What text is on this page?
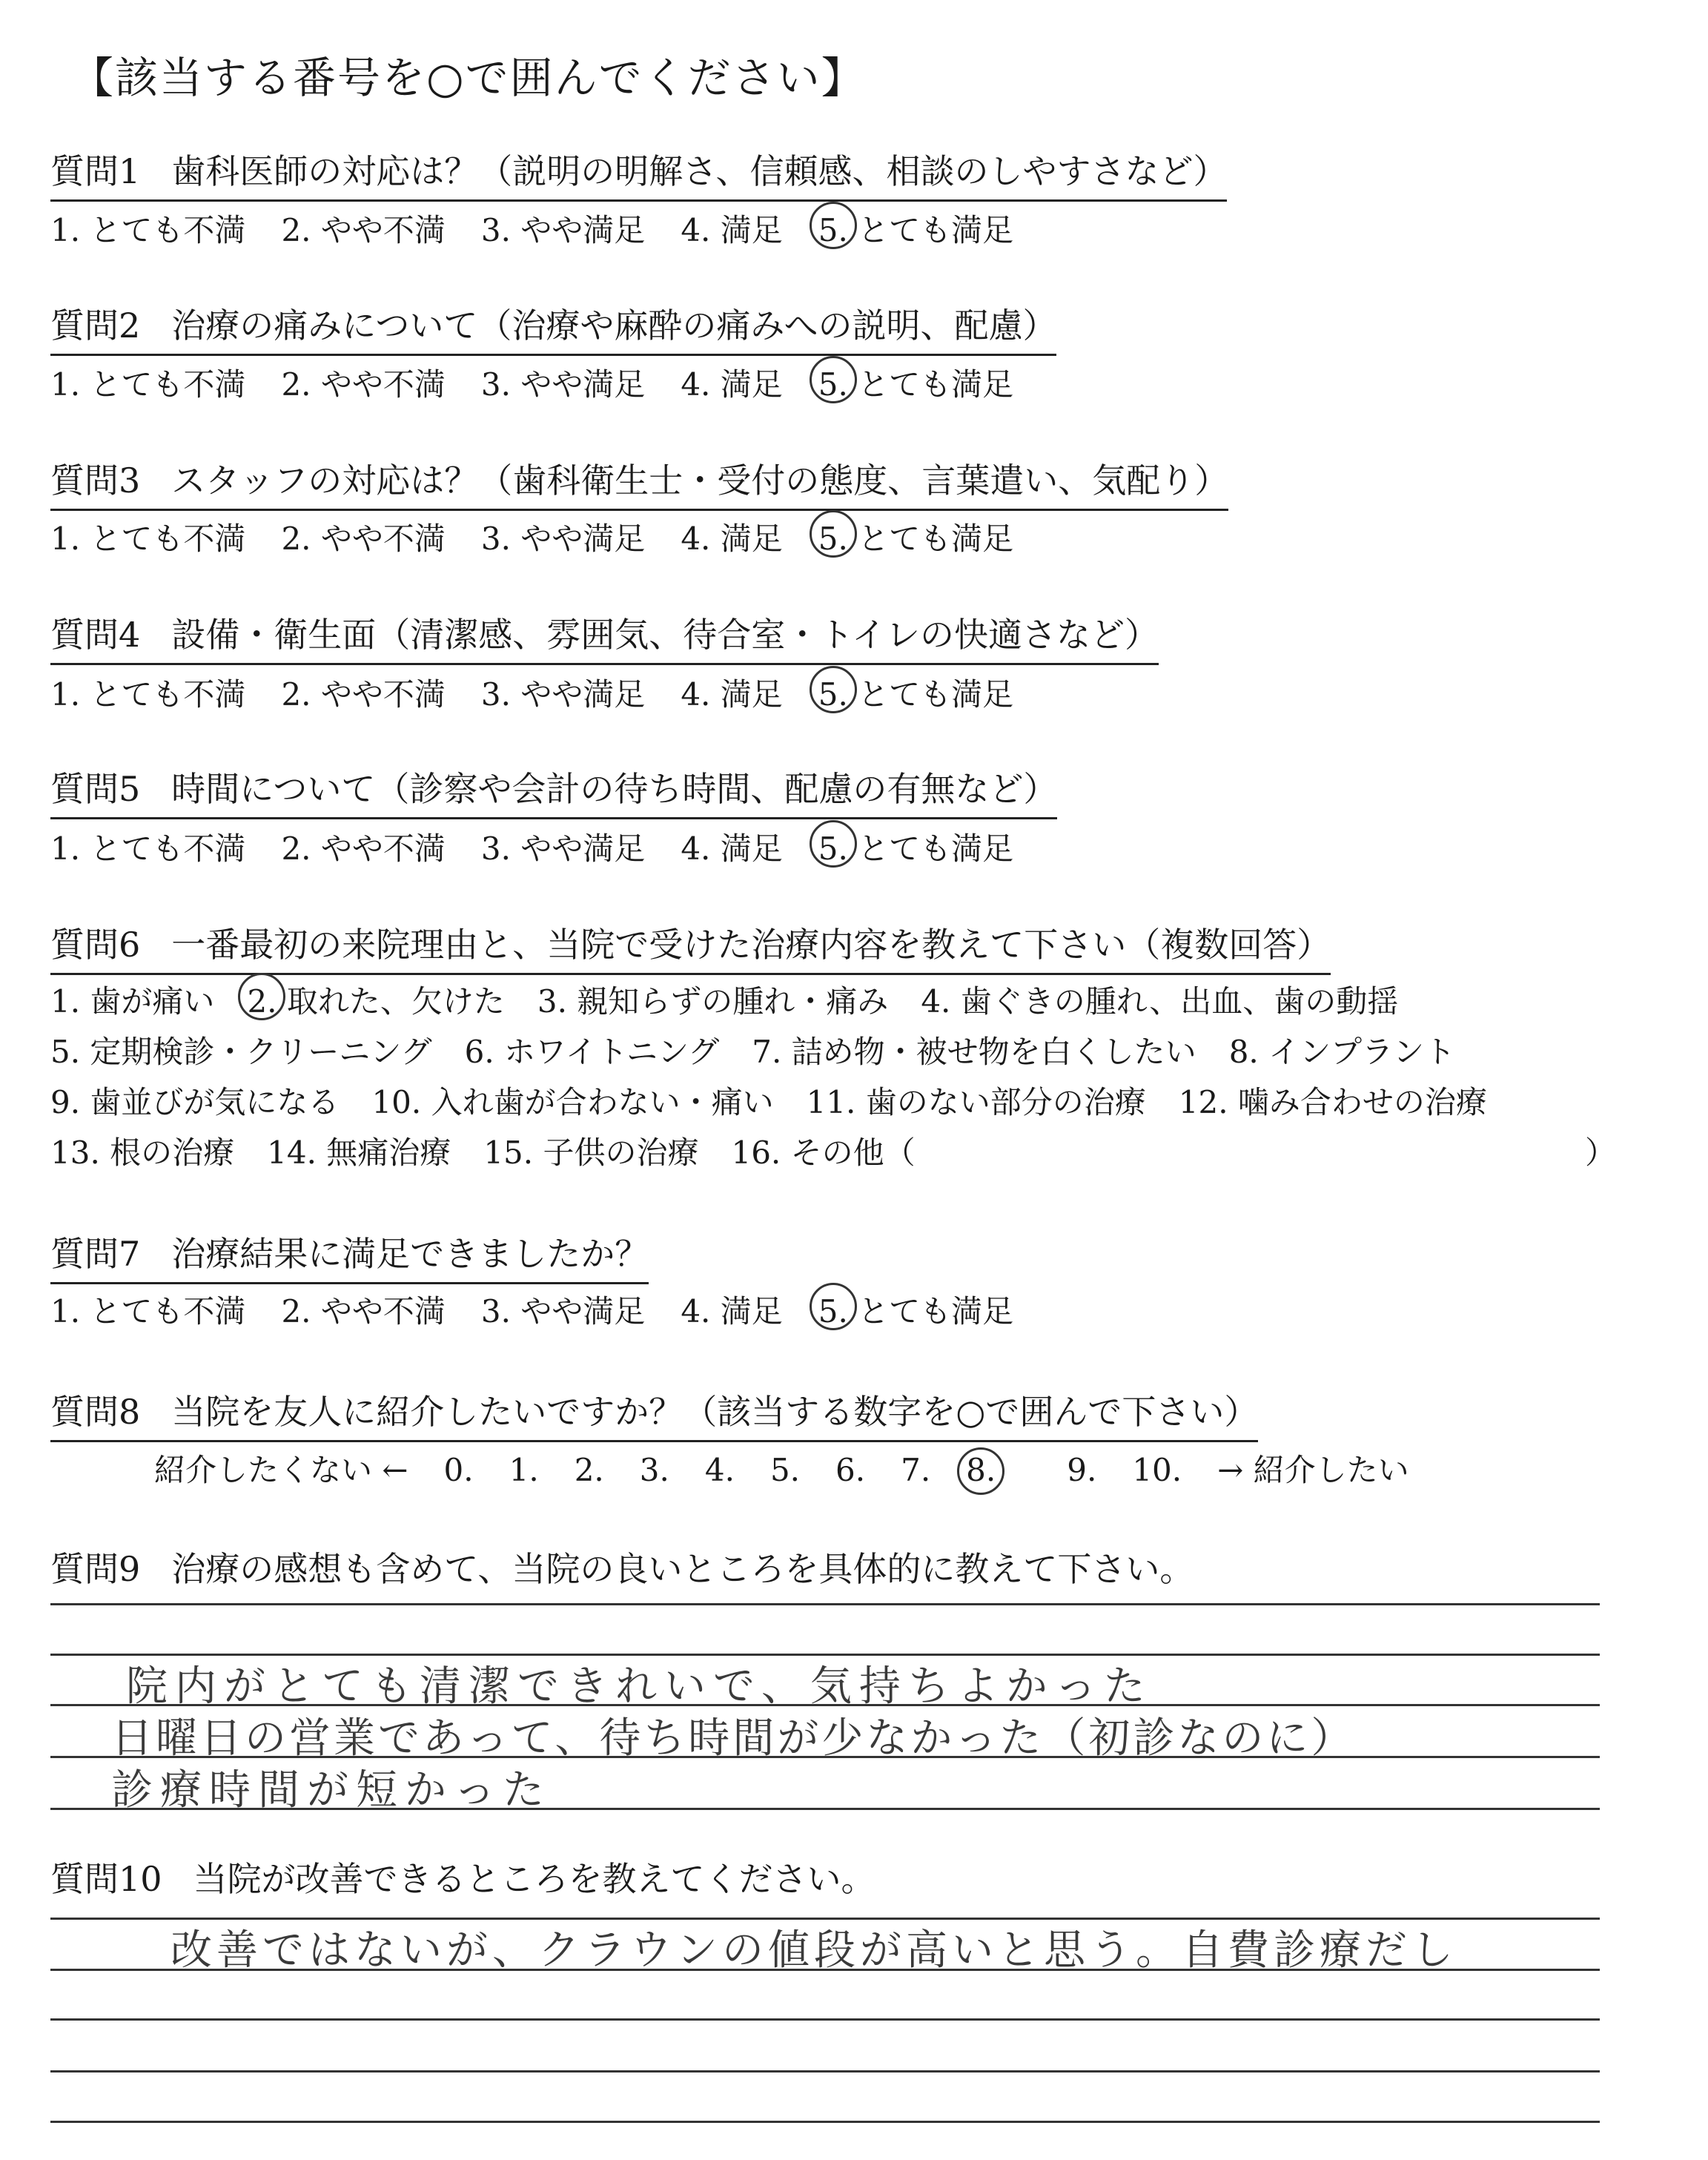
【該当する番号を○で囲んでください】
質問1 歯科医師の対応は？（説明の明解さ、信頼感、相談のしやすさなど）
1. とても不満 2. やや不満 3. やや満足 4. 満足 5. とても満足
質問2 治療の痛みについて（治療や麻酔の痛みへの説明、配慮）
1. とても不満 2. やや不満 3. やや満足 4. 満足 5. とても満足
質問3 スタッフの対応は？（歯科衛生士・受付の態度、言葉遣い、気配り）
1. とても不満 2. やや不満 3. やや満足 4. 満足 5. とても満足
質問4 設備・衛生面（清潔感、雰囲気、待合室・トイレの快適さなど）
1. とても不満 2. やや不満 3. やや満足 4. 満足 5. とても満足
質問5 時間について（診察や会計の待ち時間、配慮の有無など）
1. とても不満 2. やや不満 3. やや満足 4. 満足 5. とても満足
質問6 一番最初の来院理由と、当院で受けた治療内容を教えて下さい（複数回答）
1. 歯が痛い 2. 取れた、欠けた 3. 親知らずの腫れ・痛み 4. 歯ぐきの腫れ、出血、歯の動揺
5. 定期検診・クリーニング 6. ホワイトニング 7. 詰め物・被せ物を白くしたい 8. インプラント
9. 歯並びが気になる 10. 入れ歯が合わない・痛い 11. 歯のない部分の治療 12. 噛み合わせの治療
13. 根の治療 14. 無痛治療 15. 子供の治療 16. その他（	）
質問7 治療結果に満足できましたか？
1. とても不満 2. やや不満 3. やや満足 4. 満足 5. とても満足
質問8 当院を友人に紹介したいですか？（該当する数字を○で囲んで下さい）
紹介したくない ← 0. 1. 2. 3. 4. 5. 6. 7. 8. 9. 10. → 紹介したい
質問9 治療の感想も含めて、当院の良いところを具体的に教えて下さい。
院内がとても清潔できれいで、気持ちよかった
日曜日の営業であって、待ち時間が少なかった（初診なのに）
診療時間が短かった
質問10 当院が改善できるところを教えてください。
改善ではないが、クラウンの値段が高いと思う。自費診療だし
